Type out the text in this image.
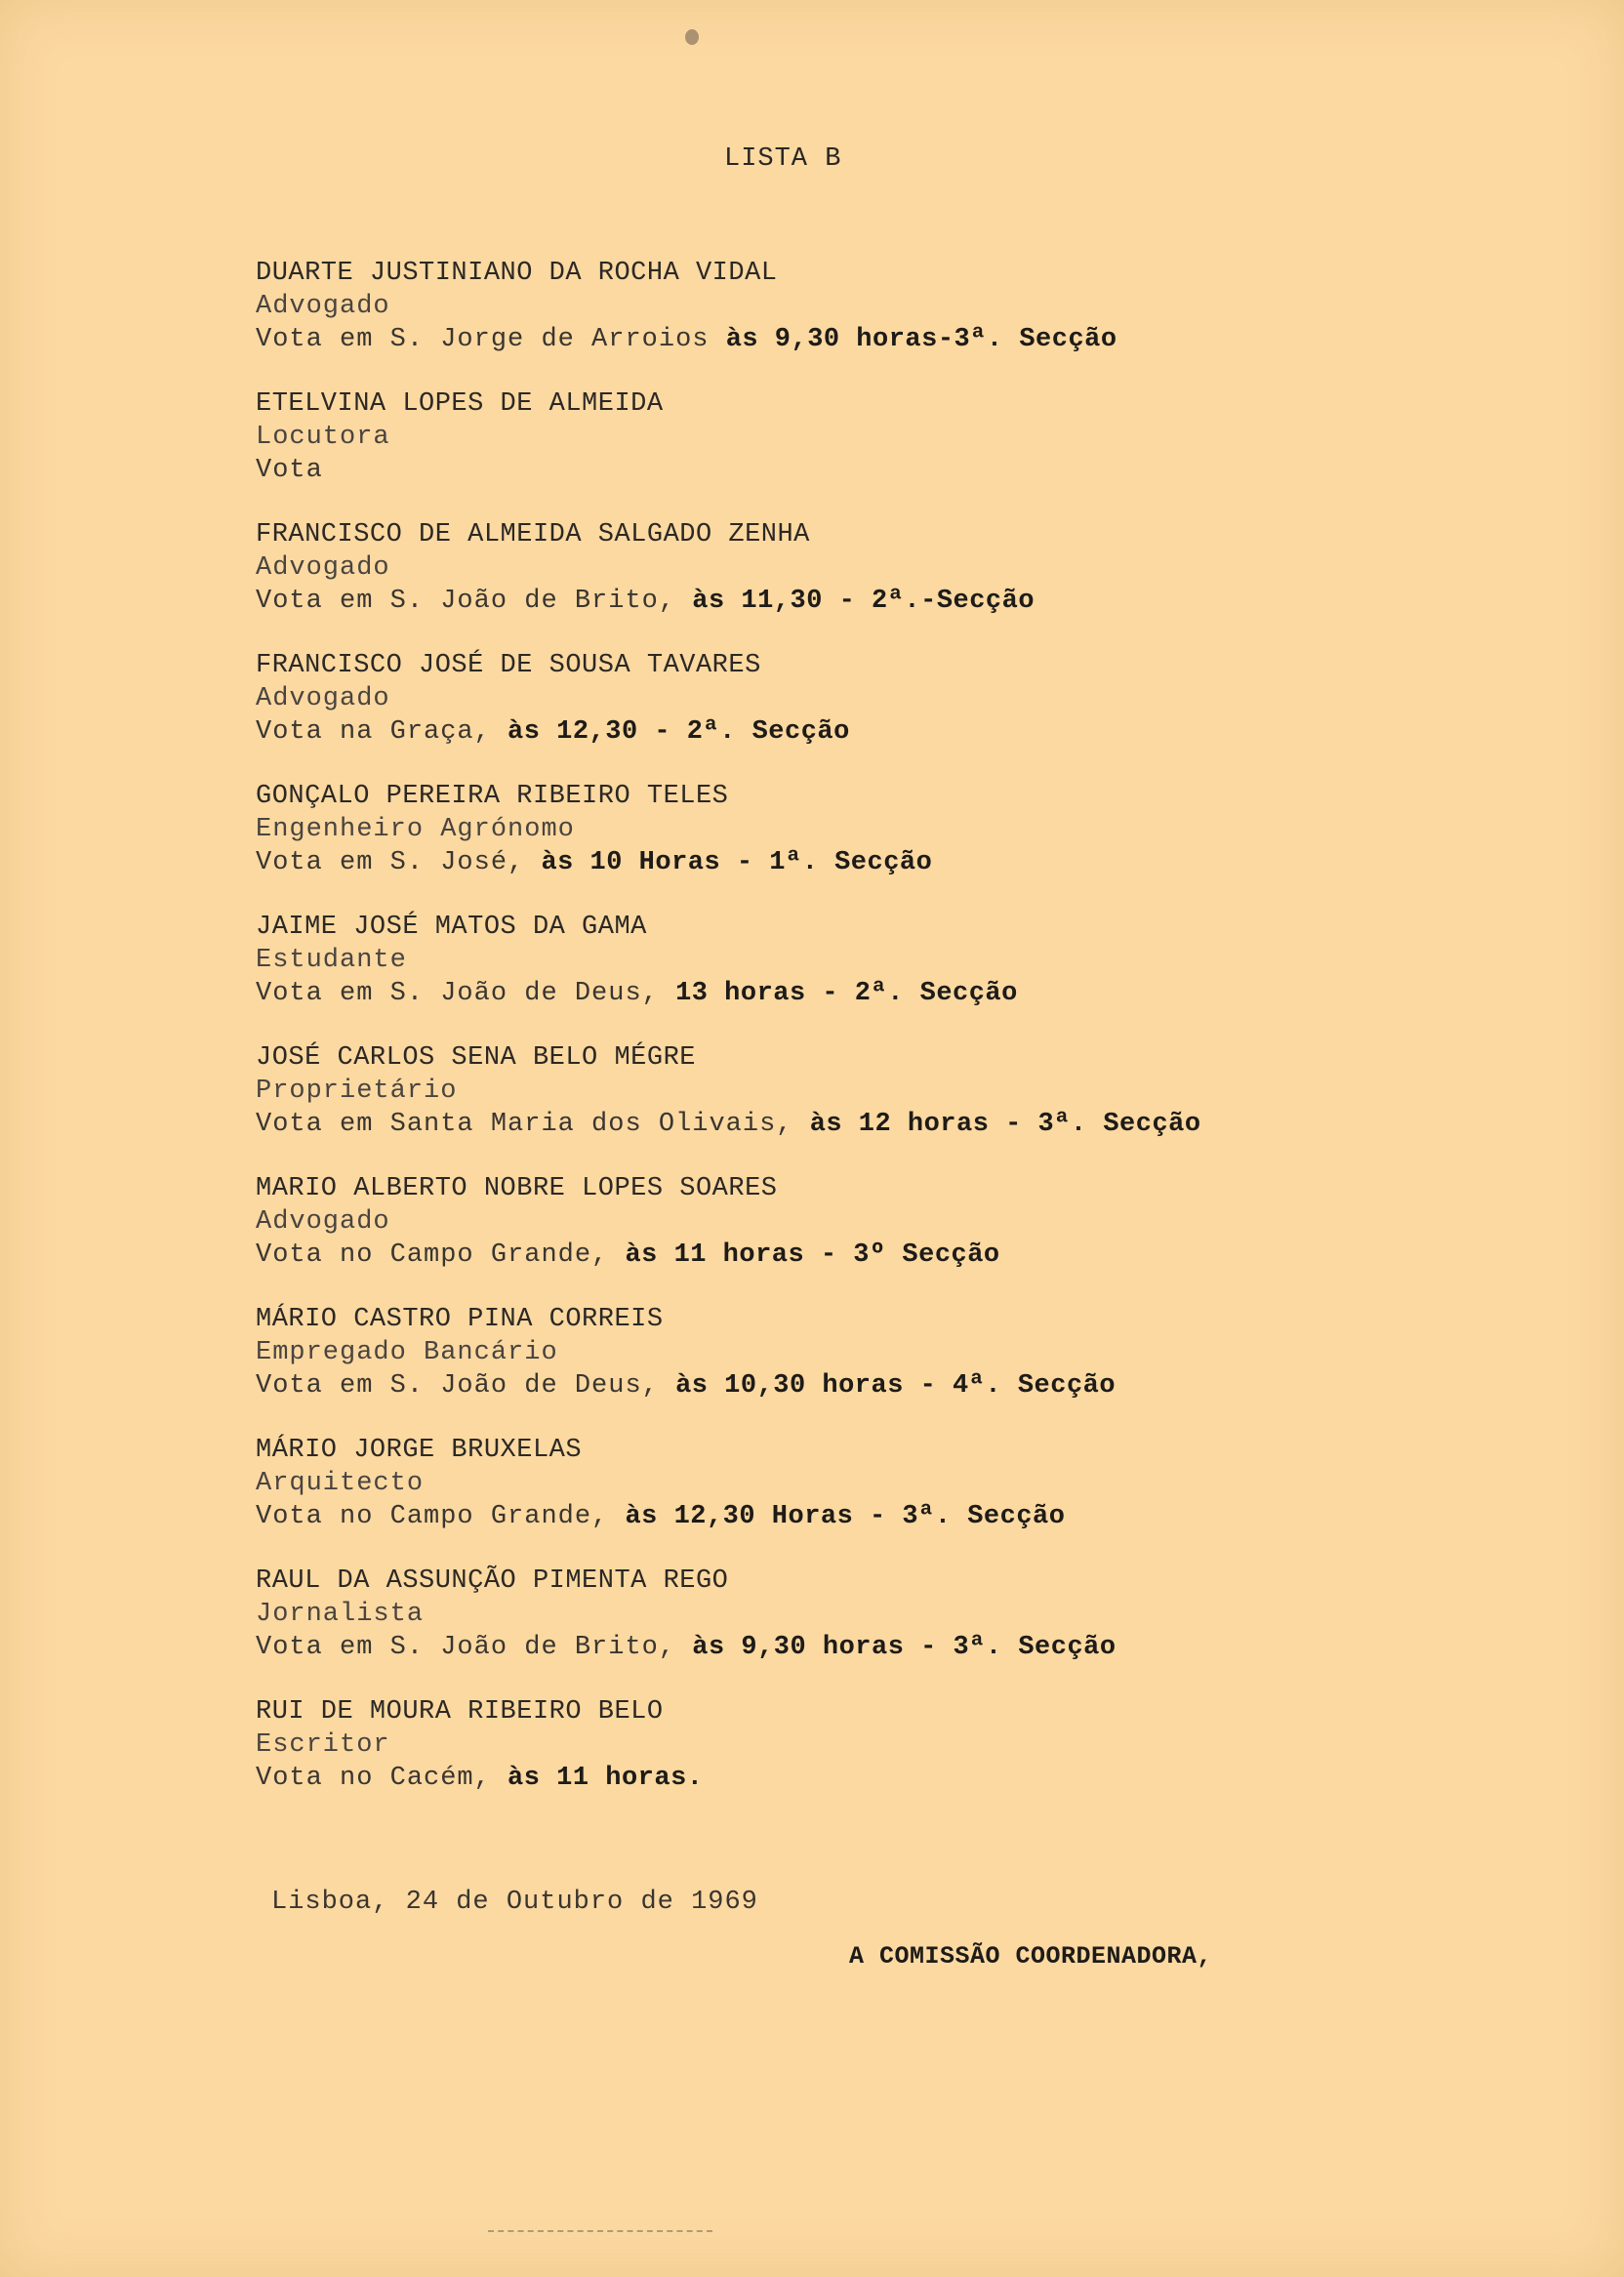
LISTA B
DUARTE JUSTINIANO DA ROCHA VIDAL
Advogado
Vota em S. Jorge de Arroios às 9,30 horas-3ª. Secção
ETELVINA LOPES DE ALMEIDA
Locutora
Vota
FRANCISCO DE ALMEIDA SALGADO ZENHA
Advogado
Vota em S. João de Brito, às 11,30 - 2ª.-Secção
FRANCISCO JOSÉ DE SOUSA TAVARES
Advogado
Vota na Graça, às 12,30 - 2ª. Secção
GONÇALO PEREIRA RIBEIRO TELES
Engenheiro Agrónomo
Vota em S. José, às 10 Horas - 1ª. Secção
JAIME JOSÉ MATOS DA GAMA
Estudante
Vota em S. João de Deus, 13 horas - 2ª. Secção
JOSÉ CARLOS SENA BELO MÉGRE
Proprietário
Vota em Santa Maria dos Olivais, às 12 horas - 3ª. Secção
MARIO ALBERTO NOBRE LOPES SOARES
Advogado
Vota no Campo Grande, às 11 horas - 3º Secção
MÁRIO CASTRO PINA CORREIS
Empregado Bancário
Vota em S. João de Deus, às 10,30 horas - 4ª. Secção
MÁRIO JORGE BRUXELAS
Arquitecto
Vota no Campo Grande, às 12,30 Horas - 3ª. Secção
RAUL DA ASSUNÇÃO PIMENTA REGO
Jornalista
Vota em S. João de Brito, às 9,30 horas - 3ª. Secção
RUI DE MOURA RIBEIRO BELO
Escritor
Vota no Cacém, às 11 horas.

Lisboa, 24 de Outubro de 1969

A COMISSÃO COORDENADORA,
